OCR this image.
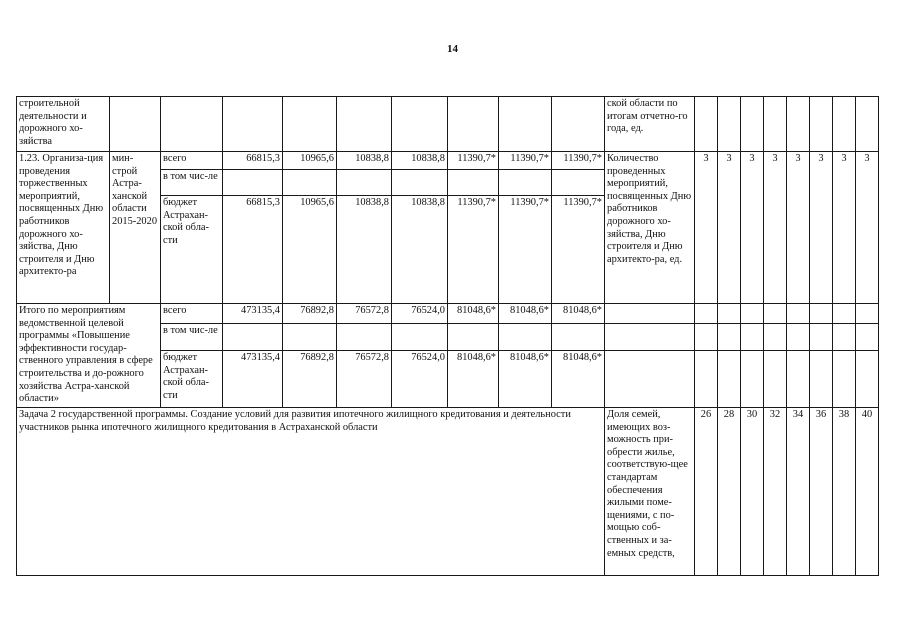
14
строительной деятельности и дорожного хо-зяйства										ской области по итогам отчетно-го года, ед.								
1.23. Организа-ция проведения торжественных мероприятий, посвященных Дню работников дорожного хо-зяйства, Дню строителя и Дню архитекто-ра	мин-строй Астра-ханской области 2015-2020	всего	66815,3	10965,6	10838,8	10838,8	11390,7*	11390,7*	11390,7*	Количество проведенных мероприятий, посвященных Дню работников дорожного хо-зяйства, Дню строителя и Дню архитекто-ра, ед.	3	3	3	3	3	3	3	3
		в том чис-ле																
		бюджет Астрахан-ской обла-сти	66815,3	10965,6	10838,8	10838,8	11390,7*	11390,7*	11390,7*									
Итого по мероприятиям ведомственной целевой программы «Повышение эффективности государ-ственного управления в сфере строительства и до-рожного хозяйства Астра-ханской области»		всего	473135,4	76892,8	76572,8	76524,0	81048,6*	81048,6*	81048,6*									
		в том чис-ле																
		бюджет Астрахан-ской обла-сти	473135,4	76892,8	76572,8	76524,0	81048,6*	81048,6*	81048,6*									
Задача 2 государственной программы. Создание условий для развития ипотечного жилищного кредитования и деятельности участников рынка ипотечного жилищного кредитования в Астраханской области										Доля семей, имеющих воз-можность при-обрести жилье, соответствую-щее стандартам обеспечения жилыми поме-щениями, с по-мощью соб-ственных и за-емных средств,	26	28	30	32	34	36	38	40
